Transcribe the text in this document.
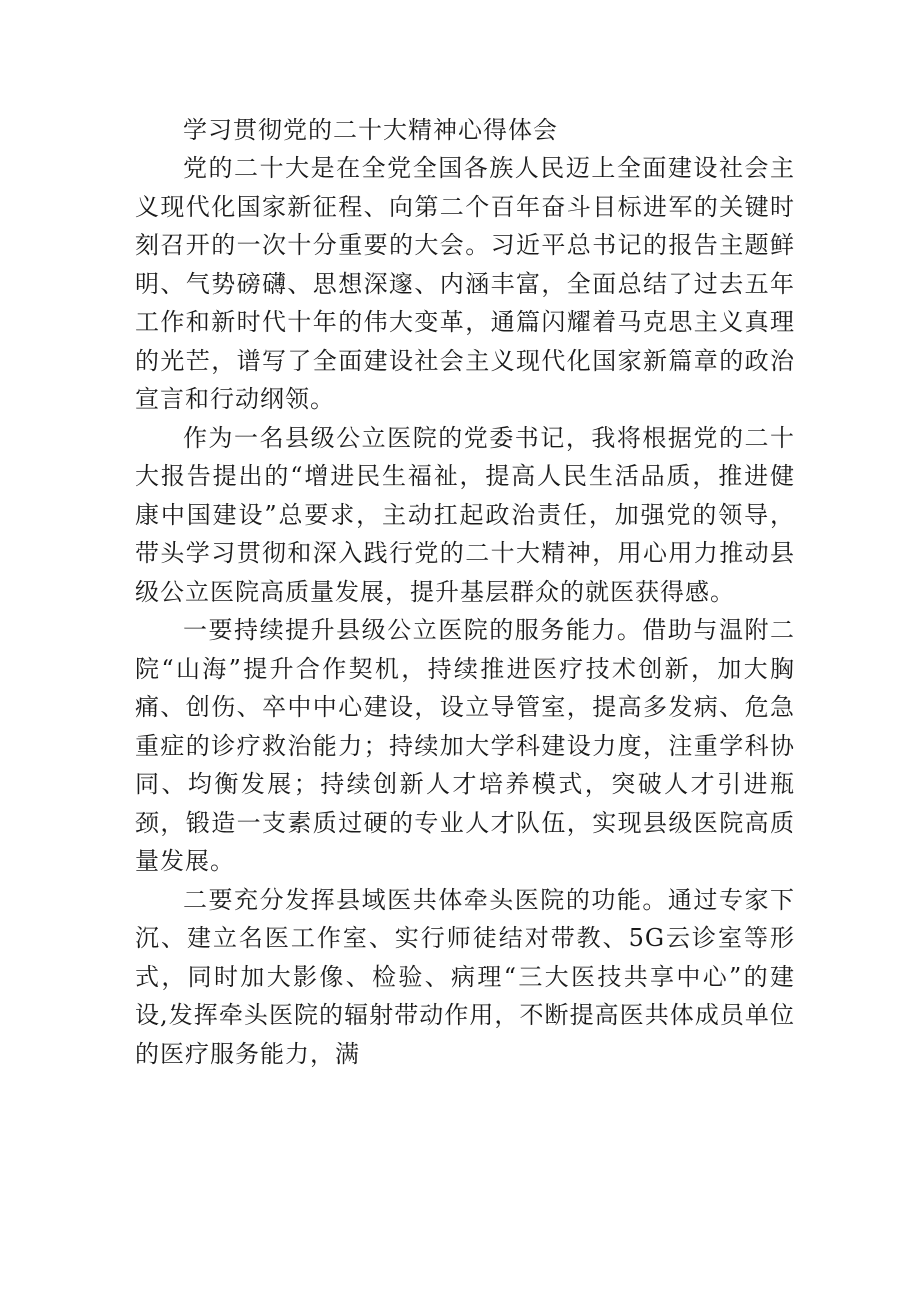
学习贯彻党的二十大精神心得体会

党的二十大是在全党全国各族人民迈上全面建设社会主义现代化国家新征程、向第二个百年奋斗目标进军的关键时刻召开的一次十分重要的大会。习近平总书记的报告主题鲜明、气势磅礴、思想深邃、内涵丰富，全面总结了过去五年工作和新时代十年的伟大变革，通篇闪耀着马克思主义真理的光芒，谱写了全面建设社会主义现代化国家新篇章的政治宣言和行动纲领。

作为一名县级公立医院的党委书记，我将根据党的二十大报告提出的“增进民生福祉，提高人民生活品质，推进健康中国建设”总要求，主动扛起政治责任，加强党的领导，带头学习贯彻和深入践行党的二十大精神，用心用力推动县级公立医院高质量发展，提升基层群众的就医获得感。

一要持续提升县级公立医院的服务能力。借助与温附二院“山海”提升合作契机，持续推进医疗技术创新，加大胸痛、创伤、卒中中心建设，设立导管室，提高多发病、危急重症的诊疗救治能力；持续加大学科建设力度，注重学科协同、均衡发展；持续创新人才培养模式，突破人才引进瓶颈，锻造一支素质过硬的专业人才队伍，实现县级医院高质量发展。

二要充分发挥县域医共体牵头医院的功能。通过专家下沉、建立名医工作室、实行师徒结对带教、5G云诊室等形式，同时加大影像、检验、病理“三大医技共享中心”的建设,发挥牵头医院的辐射带动作用，不断提高医共体成员单位的医疗服务能力，满
